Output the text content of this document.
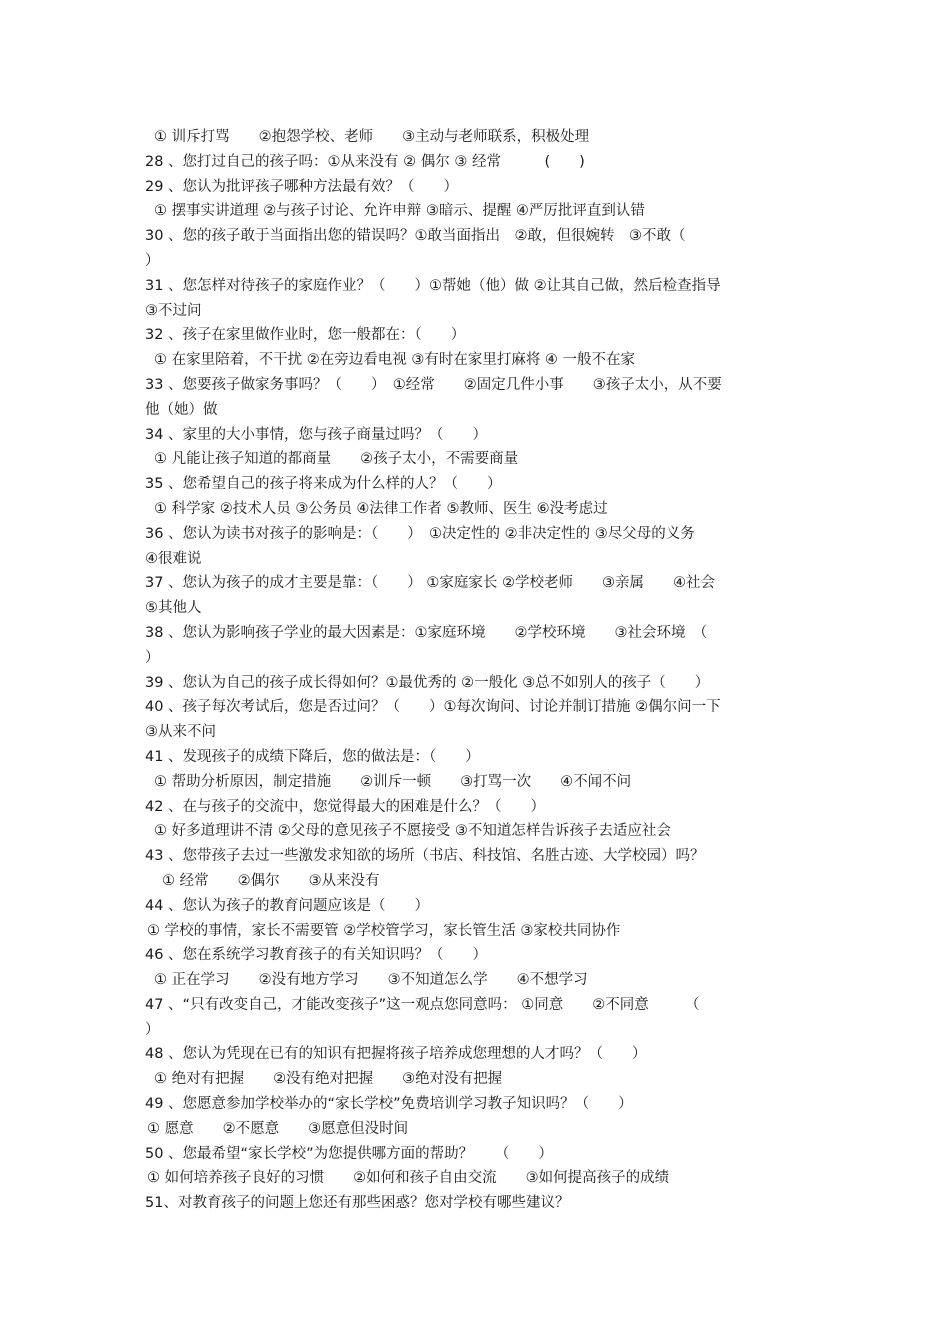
① 训斥打骂　　②抱怨学校、老师　　③主动与老师联系，积极处理
28 、您打过自己的孩子吗：①从来没有 ② 偶尔 ③ 经常　　　(　　)
29 、您认为批评孩子哪种方法最有效？（　　）
① 摆事实讲道理 ②与孩子讨论、允许申辩 ③暗示、提醒 ④严厉批评直到认错
30 、您的孩子敢于当面指出您的错误吗？①敢当面指出　②敢，但很婉转　③不敢（
）
31 、您怎样对待孩子的家庭作业？（　　）①帮她（他）做 ②让其自己做，然后检查指导
③不过问
32 、孩子在家里做作业时，您一般都在：（　　）
① 在家里陪着，不干扰 ②在旁边看电视 ③有时在家里打麻将 ④ 一般不在家
33 、您要孩子做家务事吗？（　　）　①经常　　②固定几件小事　　③孩子太小，从不要
他（她）做
34 、家里的大小事情，您与孩子商量过吗？（　　）
① 凡能让孩子知道的都商量　　②孩子太小，不需要商量
35 、您希望自己的孩子将来成为什么样的人？（　　）
① 科学家 ②技术人员 ③公务员 ④法律工作者 ⑤教师、医生 ⑥没考虑过
36 、您认为读书对孩子的影响是：（　　）　①决定性的 ②非决定性的 ③尽父母的义务
④很难说
37 、您认为孩子的成才主要是靠：（　　） ①家庭家长 ②学校老师　　③亲属　　④社会
⑤其他人
38 、您认为影响孩子学业的最大因素是：①家庭环境　　②学校环境　　③社会环境　（
）
39 、您认为自己的孩子成长得如何？①最优秀的 ②一般化 ③总不如别人的孩子（　　）
40 、孩子每次考试后，您是否过问？（　　）①每次询问、讨论并制订措施 ②偶尔问一下
③从来不问
41 、发现孩子的成绩下降后，您的做法是：（　　）
① 帮助分析原因，制定措施　　②训斥一顿　　③打骂一次　　④不闻不问
42 、在与孩子的交流中，您觉得最大的困难是什么？（　　）
① 好多道理讲不清 ②父母的意见孩子不愿接受 ③不知道怎样告诉孩子去适应社会
43 、您带孩子去过一些激发求知欲的场所（书店、科技馆、名胜古迹、大学校园）吗？
① 经常　　②偶尔　　③从来没有
44 、您认为孩子的教育问题应该是（　　）
① 学校的事情，家长不需要管 ②学校管学习，家长管生活 ③家校共同协作
46 、您在系统学习教育孩子的有关知识吗？（　　）
① 正在学习　　②没有地方学习　　③不知道怎么学　　④不想学习
47 、“只有改变自己，才能改变孩子”这一观点您同意吗： ①同意　　②不同意　　　（
）
48 、您认为凭现在已有的知识有把握将孩子培养成您理想的人才吗？（　　）
① 绝对有把握　　②没有绝对把握　　③绝对没有把握
49 、您愿意参加学校举办的“家长学校”免费培训学习教子知识吗？（　　）
① 愿意　　②不愿意　　③愿意但没时间
50 、您最希望“家长学校”为您提供哪方面的帮助？　　（　　）
① 如何培养孩子良好的习惯　　②如何和孩子自由交流　　③如何提高孩子的成绩
51、对教育孩子的问题上您还有那些困惑？您对学校有哪些建议？
